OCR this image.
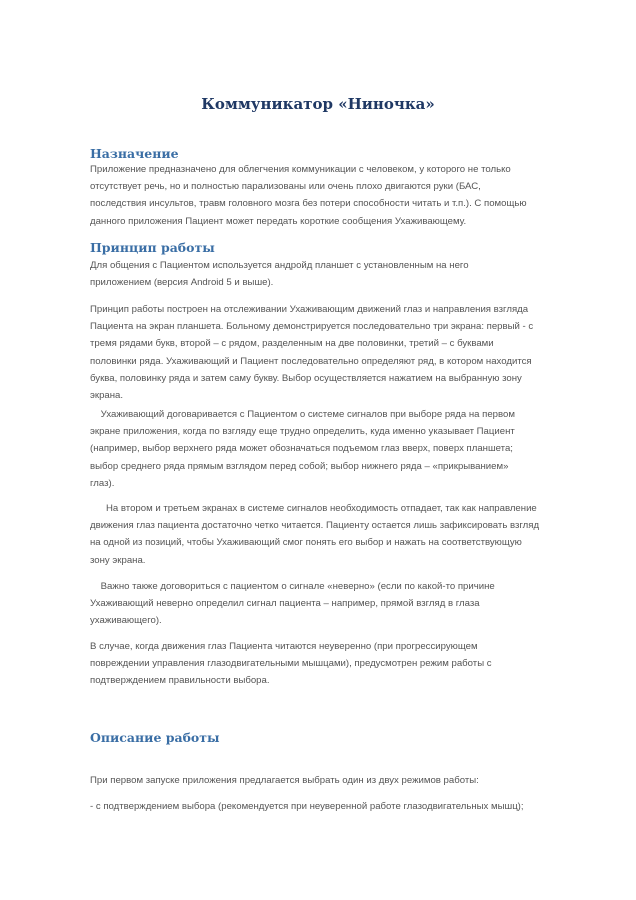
Коммуникатор «Ниночка»
Назначение
Приложение предназначено для облегчения коммуникации с человеком, у которого не только
отсутствует речь, но и полностью парализованы или очень плохо двигаются руки (БАС,
последствия инсультов, травм головного мозга без потери способности читать и т.п.). С помощью
данного приложения Пациент может передать короткие сообщения Ухаживающему.
Принцип работы
Для общения с Пациентом используется андройд планшет с установленным на него
приложением (версия Android 5 и выше).
Принцип работы построен на отслеживании Ухаживающим движений глаз и направления взгляда
Пациента на экран планшета. Больному демонстрируется последовательно три экрана: первый - с
тремя рядами букв, второй – с рядом, разделенным на две половинки, третий – с буквами
половинки ряда. Ухаживающий и Пациент последовательно определяют ряд, в котором находится
буква, половинку ряда и затем саму букву. Выбор осуществляется нажатием на выбранную зону
экрана.
Ухаживающий договаривается с Пациентом о системе сигналов при выборе ряда на первом
экране приложения, когда по взгляду еще трудно определить, куда именно указывает Пациент
(например, выбор верхнего ряда может обозначаться подъемом глаз вверх, поверх планшета;
выбор среднего ряда прямым взглядом перед собой; выбор нижнего ряда – «прикрыванием»
глаз).
На втором и третьем экранах в системе сигналов необходимость отпадает, так как направление
движения глаз пациента достаточно четко читается. Пациенту остается лишь зафиксировать взгляд
на одной из позиций, чтобы Ухаживающий смог понять его выбор и нажать на соответствующую
зону экрана.
Важно также договориться с пациентом о сигнале «неверно» (если по какой-то причине
Ухаживающий неверно определил сигнал пациента – например, прямой взгляд в глаза
ухаживающего).
В случае, когда движения глаз Пациента читаются неуверенно (при прогрессирующем
повреждении управления глазодвигательными мышцами), предусмотрен режим работы с
подтверждением правильности выбора.
Описание работы
При первом запуске приложения предлагается выбрать один из двух режимов работы:
- с подтверждением выбора (рекомендуется при неуверенной работе глазодвигательных мышц);
